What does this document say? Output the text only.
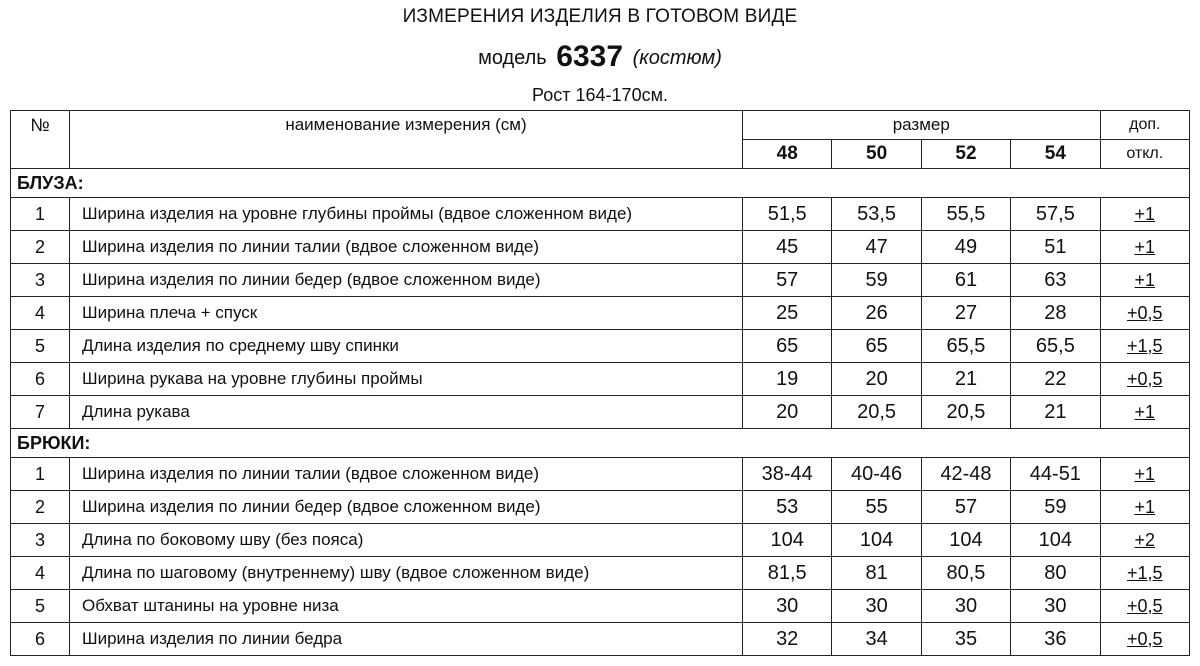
ИЗМЕРЕНИЯ ИЗДЕЛИЯ В ГОТОВОМ ВИДЕ
модель 6337 (костюм)
Рост 164-170см.
№	наименование измерения (см)	размер				доп.
		48	50	52	54	откл.
БЛУЗА:						
1	Ширина изделия на уровне глубины проймы (вдвое сложенном виде)	51,5	53,5	55,5	57,5	+1
2	Ширина изделия по линии талии (вдвое сложенном виде)	45	47	49	51	+1
3	Ширина изделия по линии бедер (вдвое сложенном виде)	57	59	61	63	+1
4	Ширина плеча + спуск	25	26	27	28	+0,5
5	Длина изделия по среднему шву спинки	65	65	65,5	65,5	+1,5
6	Ширина рукава на уровне глубины проймы	19	20	21	22	+0,5
7	Длина рукава	20	20,5	20,5	21	+1
БРЮКИ:						
1	Ширина изделия по линии талии (вдвое сложенном виде)	38-44	40-46	42-48	44-51	+1
2	Ширина изделия по линии бедер (вдвое сложенном виде)	53	55	57	59	+1
3	Длина по боковому шву (без пояса)	104	104	104	104	+2
4	Длина по шаговому (внутреннему) шву (вдвое сложенном виде)	81,5	81	80,5	80	+1,5
5	Обхват штанины на уровне низа	30	30	30	30	+0,5
6	Ширина изделия по линии бедра	32	34	35	36	+0,5
